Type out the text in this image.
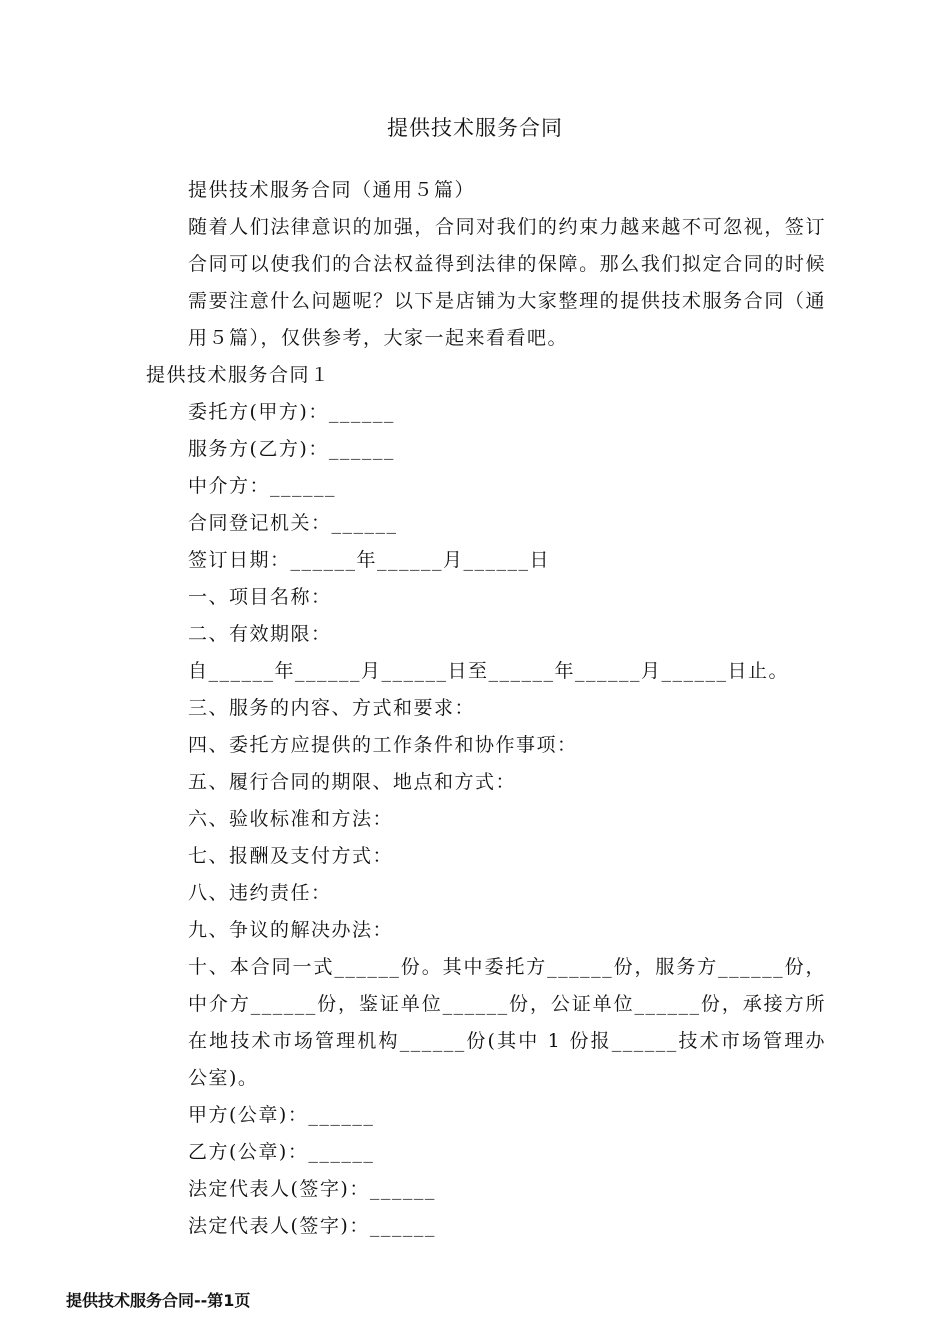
提供技术服务合同

提供技术服务合同（通用５篇）

随着人们法律意识的加强，合同对我们的约束力越来越不可忽视，签订合同可以使我们的合法权益得到法律的保障。那么我们拟定合同的时候需要注意什么问题呢？以下是店铺为大家整理的提供技术服务合同（通用５篇），仅供参考，大家一起来看看吧。

提供技术服务合同１

委托方(甲方)：______

服务方(乙方)：______

中介方：______

合同登记机关：______

签订日期：______年______月______日

一、项目名称：

二、有效期限：

自______年______月______日至______年______月______日止。

三、服务的内容、方式和要求：

四、委托方应提供的工作条件和协作事项：

五、履行合同的期限、地点和方式：

六、验收标准和方法：

七、报酬及支付方式：

八、违约责任：

九、争议的解决办法：

十、本合同一式______份。其中委托方______份，服务方______份，中介方______份，鉴证单位______份，公证单位______份，承接方所在地技术市场管理机构______份(其中 1 份报______技术市场管理办公室)。

甲方(公章)：______

乙方(公章)：______

法定代表人(签字)：______

法定代表人(签字)：______

提供技术服务合同--第1页
